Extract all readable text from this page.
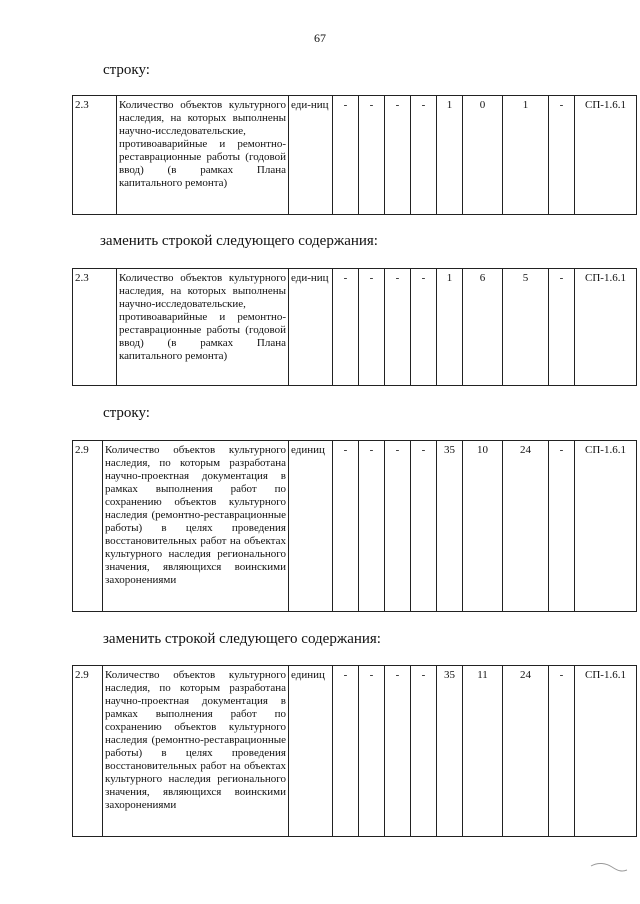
67

строку:

2.3	Количество объектов культурного наследия, на которых выполнены научно-исследовательские, противоаварийные и ремонтно-реставрационные работы (годовой ввод) (в рамках Плана капитального ремонта)	еди-ниц	-	-	-	-	1	0	1	-	СП-1.6.1

заменить строкой следующего содержания:

2.3	Количество объектов культурного наследия, на которых выполнены научно-исследовательские, противоаварийные и ремонтно-реставрационные работы (годовой ввод) (в рамках Плана капитального ремонта)	еди-ниц	-	-	-	-	1	6	5	-	СП-1.6.1

строку:

2.9	Количество объектов культурного наследия, по которым разработана научно-проектная документация в рамках выполнения работ по сохранению объектов культурного наследия (ремонтно-реставрационные работы) в целях проведения восстановительных работ на объектах культурного наследия регионального значения, являющихся воинскими захоронениями	единиц	-	-	-	-	35	10	24	-	СП-1.6.1

заменить строкой следующего содержания:

2.9	Количество объектов культурного наследия, по которым разработана научно-проектная документация в рамках выполнения работ по сохранению объектов культурного наследия (ремонтно-реставрационные работы) в целях проведения восстановительных работ на объектах культурного наследия регионального значения, являющихся воинскими захоронениями	единиц	-	-	-	-	35	11	24	-	СП-1.6.1
